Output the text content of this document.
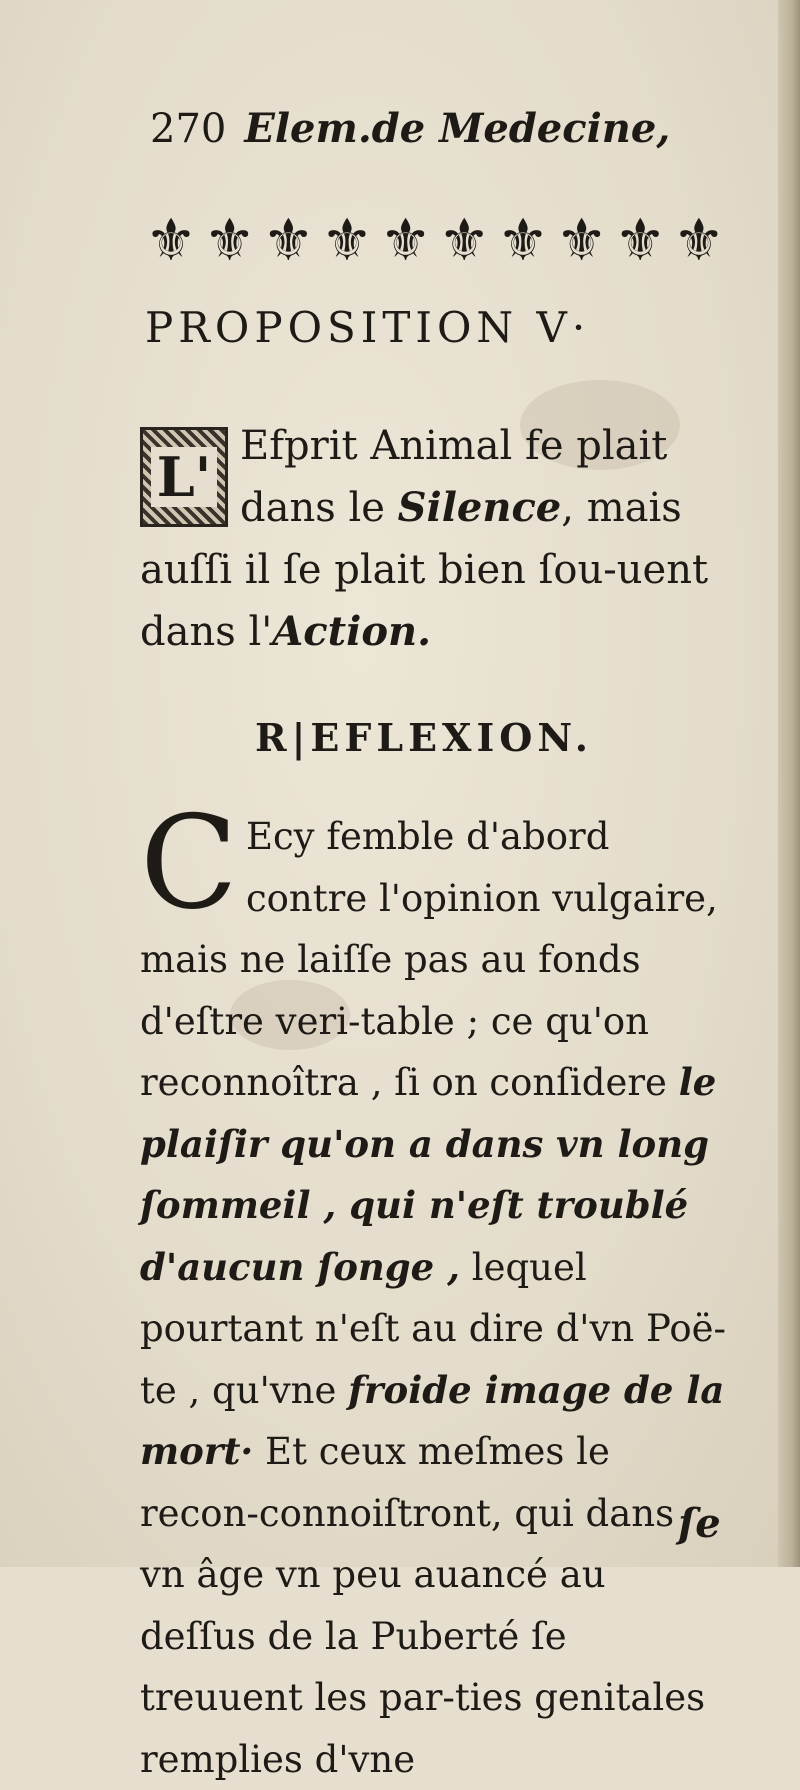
270 Elem.de Medecine,
⚜ ⚜ ⚜ ⚜ ⚜ ⚜ ⚜ ⚜ ⚜ ⚜
PROPOSITION V·
L' Efprit Animal fe plait dans le Silence, mais auſſi il ſe plait bien ſou-uent dans l'Action.
R|EFLEXION.
C Ecy femble d'abord contre l'opinion vulgaire, mais ne laiſſe pas au fonds d'eſtre veri-table ; ce qu'on reconnoîtra , ſi on conſidere le plaiſir qu'on a dans vn long ſommeil , qui n'eſt troublé d'aucun ſonge , lequel pourtant n'eſt au dire d'vn Poë-te , qu'vne froide image de la mort· Et ceux meſmes le recon-connoiſtront, qui dans vn âge vn peu auancé au deſſus de la Puberté ſe treuuent les par-ties genitales remplies d'vne
ſe
